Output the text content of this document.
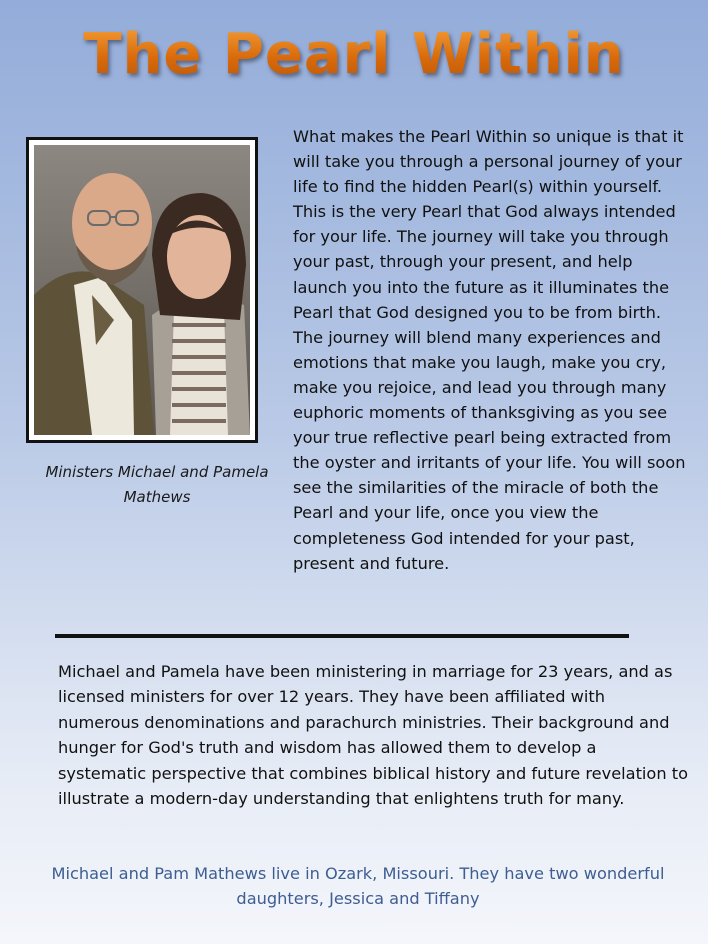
The Pearl Within
Ministers Michael and Pamela Mathews
What makes the Pearl Within so unique is that it will take you through a personal journey of your life to find the hidden Pearl(s) within yourself. This is the very Pearl that God always intended for your life. The journey will take you through your past, through your present, and help launch you into the future as it illuminates the Pearl that God designed you to be from birth. The journey will blend many experiences and emotions that make you laugh, make you cry, make you rejoice, and lead you through many euphoric moments of thanksgiving as you see your true reflective pearl being extracted from the oyster and irritants of your life. You will soon see the similarities of the miracle of both the Pearl and your life, once you view the completeness God intended for your past, present and future.
Michael and Pamela have been ministering in marriage for 23 years, and as licensed ministers for over 12 years. They have been affiliated with numerous denominations and parachurch ministries. Their background and hunger for God's truth and wisdom has allowed them to develop a systematic perspective that combines biblical history and future revelation to illustrate a modern-day understanding that enlightens truth for many.
Michael and Pam Mathews live in Ozark, Missouri. They have two wonderful daughters, Jessica and Tiffany
